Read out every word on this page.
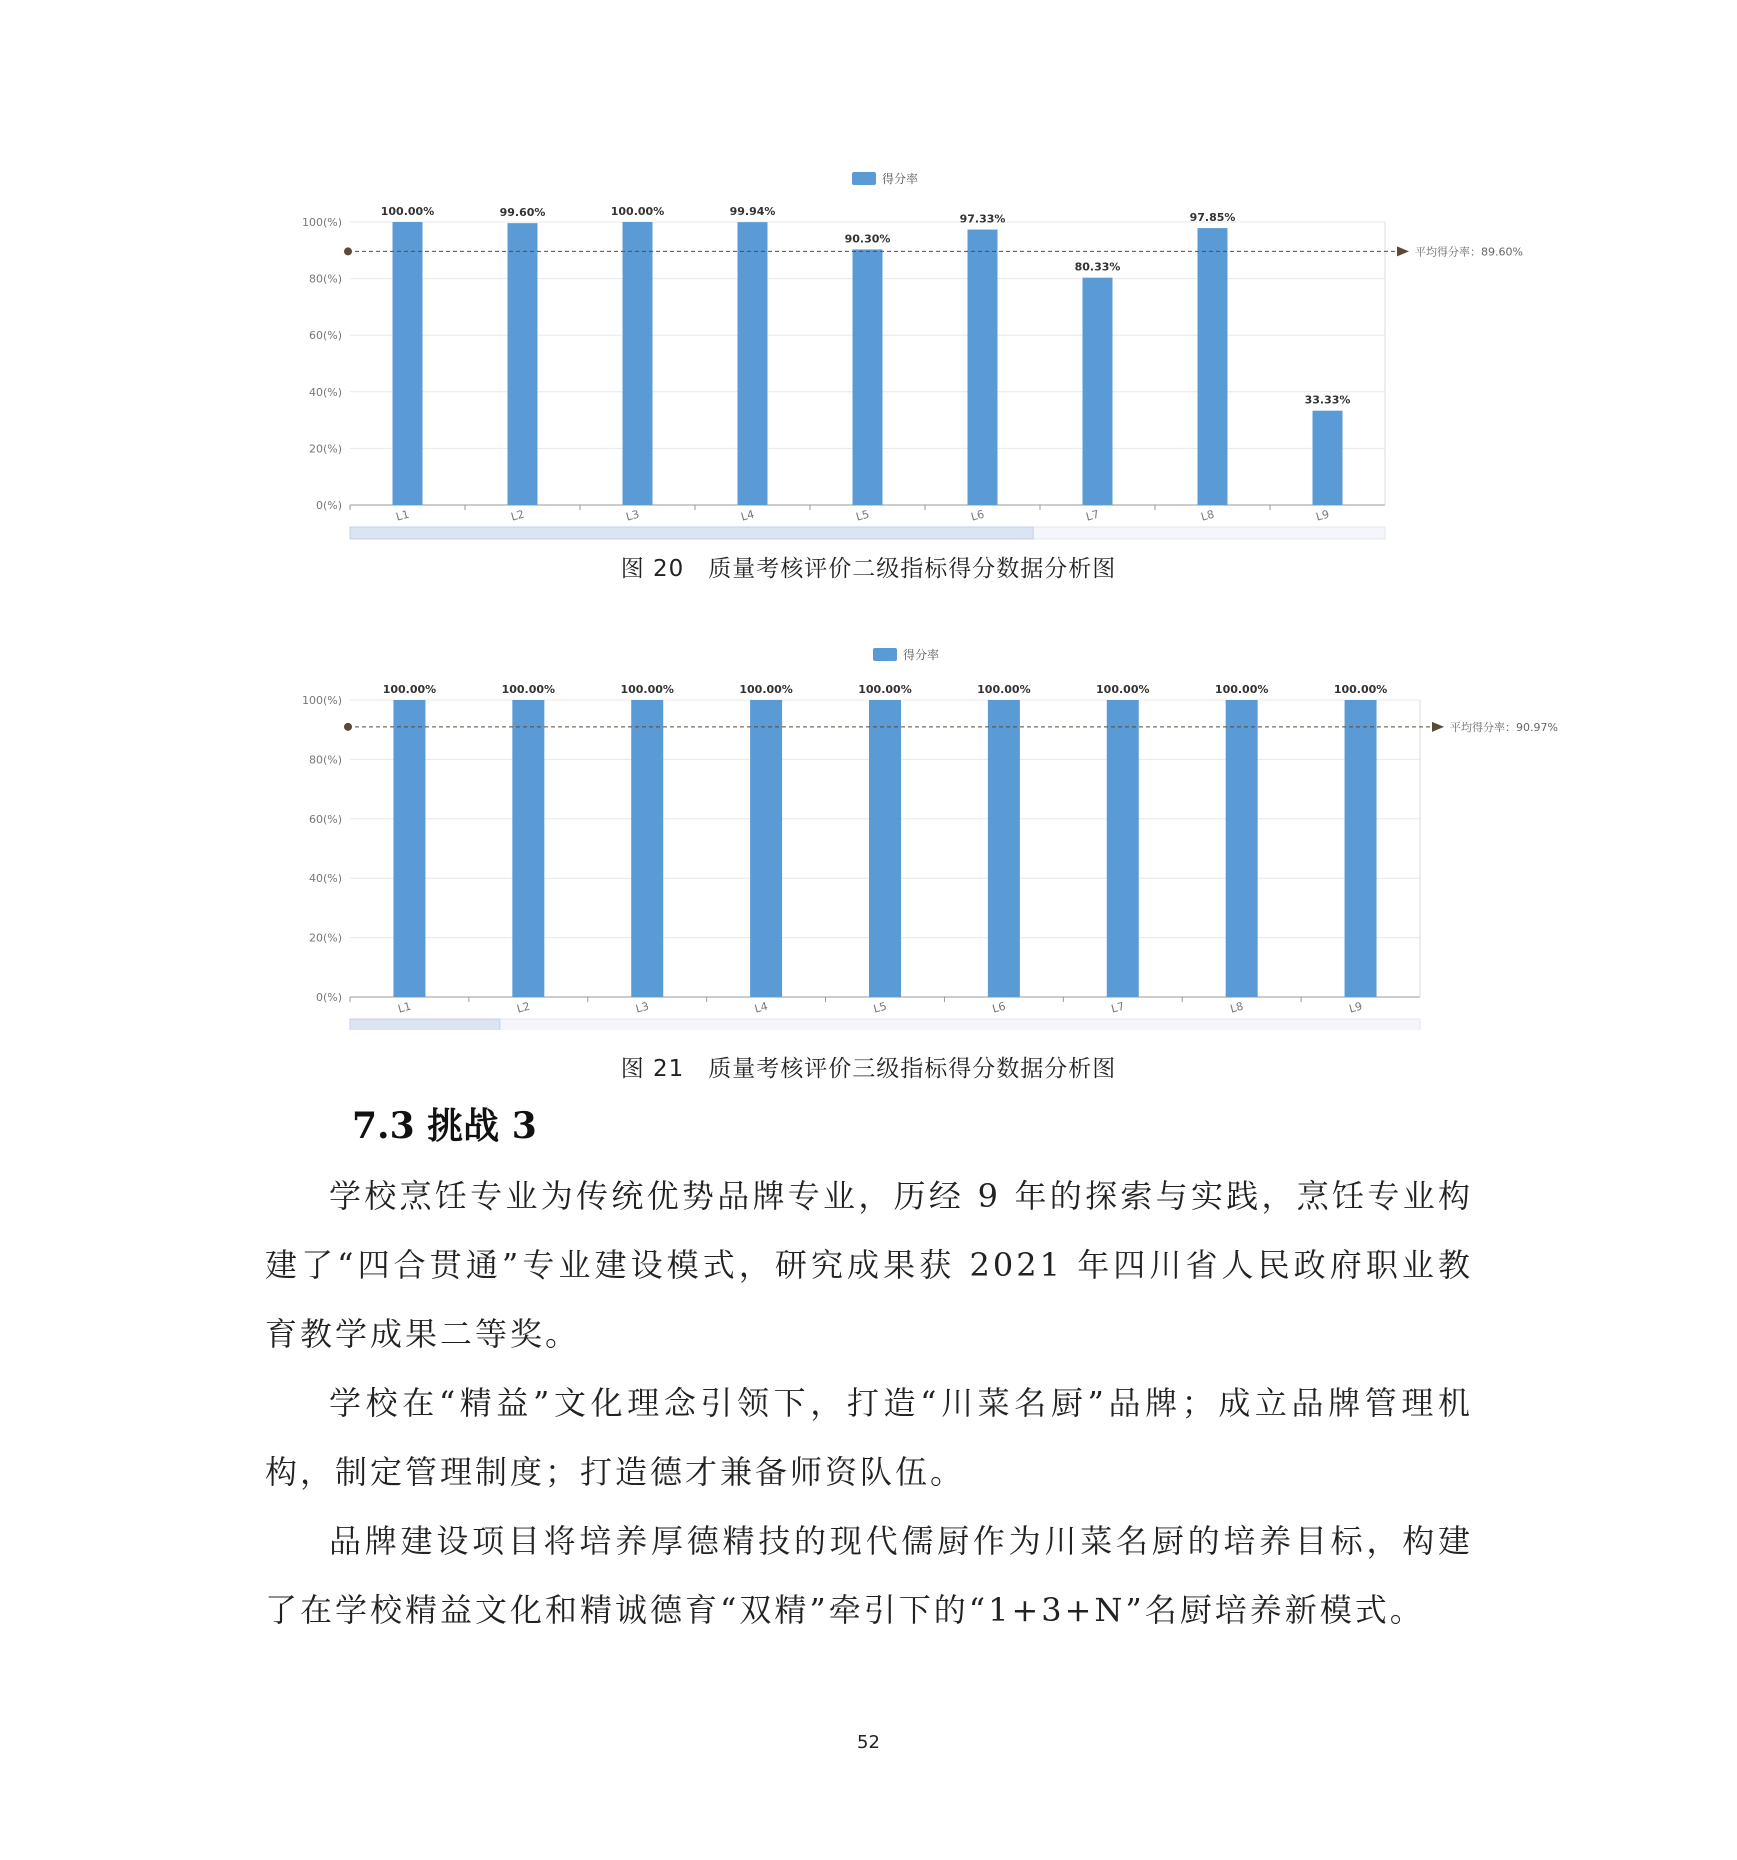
得分率
0(%)
20(%)
40(%)
60(%)
80(%)
100(%)
100.00%
L1
99.60%
L2
100.00%
L3
99.94%
L4
90.30%
L5
97.33%
L6
80.33%
L7
97.85%
L8
33.33%
L9
平均得分率：89.60%
图 20　质量考核评价二级指标得分数据分析图
得分率
0(%)
20(%)
40(%)
60(%)
80(%)
100(%)
100.00%
L1
100.00%
L2
100.00%
L3
100.00%
L4
100.00%
L5
100.00%
L6
100.00%
L7
100.00%
L8
100.00%
L9
平均得分率：90.97%
图 21　质量考核评价三级指标得分数据分析图
7.3 挑战 3

学校烹饪专业为传统优势品牌专业，历经 9 年的探索与实践，烹饪专业构建了“四合贯通”专业建设模式，研究成果获 2021 年四川省人民政府职业教育教学成果二等奖。

学校在“精益”文化理念引领下，打造“川菜名厨”品牌；成立品牌管理机构，制定管理制度；打造德才兼备师资队伍。

品牌建设项目将培养厚德精技的现代儒厨作为川菜名厨的培养目标，构建了在学校精益文化和精诚德育“双精”牵引下的“1+3+N”名厨培养新模式。

52
